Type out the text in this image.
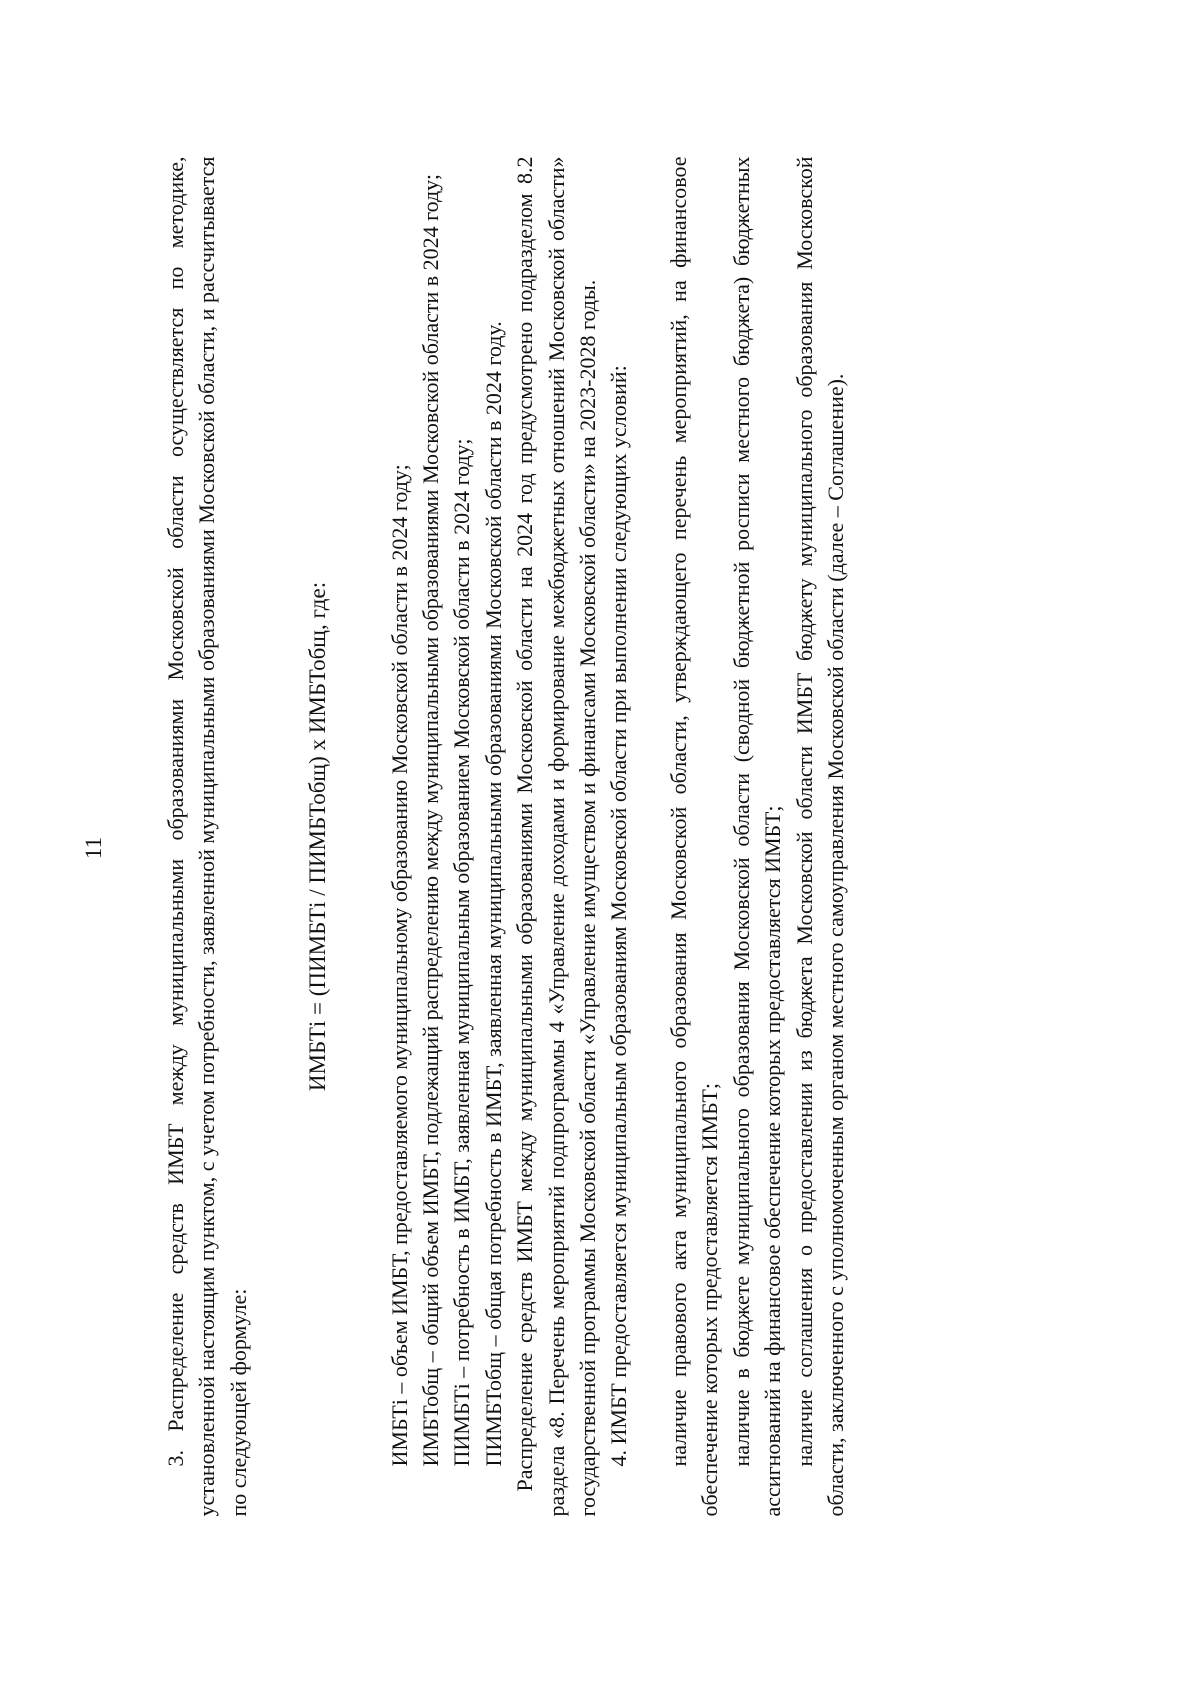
11	3. Распределение средств ИМБТ между муниципальными образованиями Московской области осуществляется по методике, установленной настоящим пунктом, с учетом потребности, заявленной муниципальными образованиями Московской области, и рассчитывается по следующей формуле:

ИМБТi = (ПИМБТi / ПИМБТобщ) x ИМБТобщ, где:	ИМБТi – объем ИМБТ, предоставляемого муниципальному образованию Московской области в 2024 году; ИМБТобщ – общий объем ИМБТ, подлежащий распределению между муниципальными образованиями Московской области в 2024 году; ПИМБТi – потребность в ИМБТ, заявленная муниципальным образованием Московской области в 2024 году; ПИМБТобщ – общая потребность в ИМБТ, заявленная муниципальными образованиями Московской области в 2024 году. Распределение средств ИМБТ между муниципальными образованиями Московской области на 2024 год предусмотрено подразделом 8.2 раздела «8. Перечень мероприятий подпрограммы 4 «Управление доходами и формирование межбюджетных отношений Московской области» государственной программы Московской области «Управление имуществом и финансами Московской области» на 2023-2028 годы. 4. ИМБТ предоставляется муниципальным образованиям Московской области при выполнении следующих условий: наличие правового акта муниципального образования Московской области, утверждающего перечень мероприятий, на финансовое обеспечение которых предоставляется ИМБТ; наличие в бюджете муниципального образования Московской области (сводной бюджетной росписи местного бюджета) бюджетных ассигнований на финансовое обеспечение которых предоставляется ИМБТ; наличие соглашения о предоставлении из бюджета Московской области ИМБТ бюджету муниципального образования Московской области, заключенного с уполномоченным органом местного самоуправления Московской области (далее – Соглашение).
